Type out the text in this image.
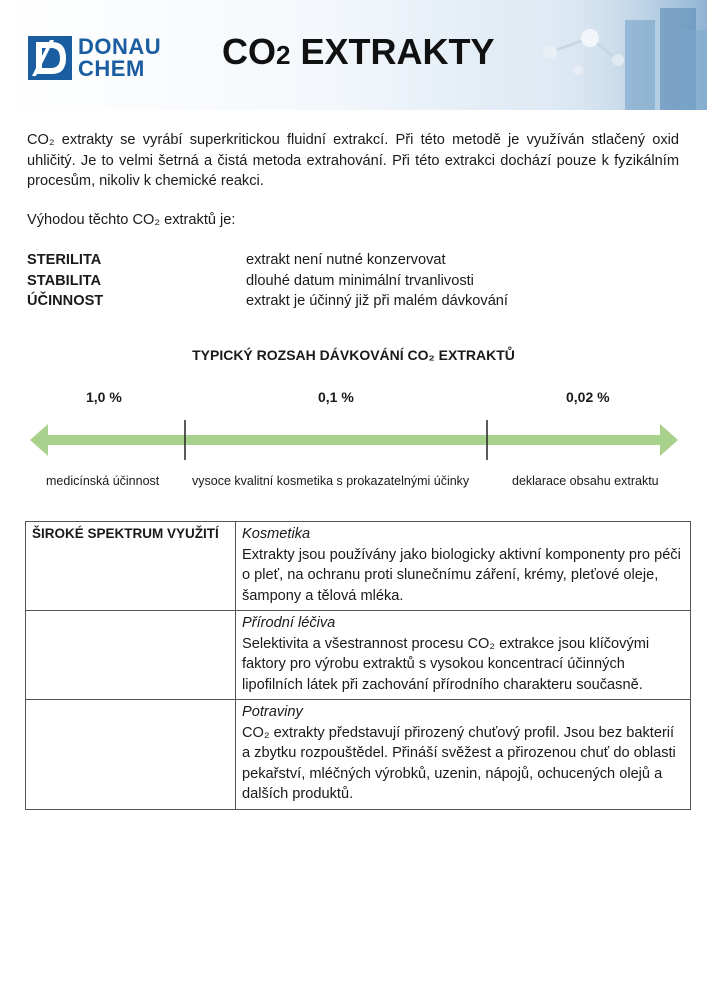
DONAU
CHEM	CO2 EXTRAKTY

CO₂ extrakty se vyrábí superkritickou fluidní extrakcí. Při této metodě je využíván stlačený oxid uhličitý. Je to velmi šetrná a čistá metoda extrahování. Při této extrakci dochází pouze k fyzikálním procesům, nikoliv k chemické reakci.

Výhodou těchto CO₂ extraktů je:

STERILITA	extrakt není nutné konzervovat
STABILITA	dlouhé datum minimální trvanlivosti
ÚČINNOST	extrakt je účinný již při malém dávkování
TYPICKÝ ROZSAH DÁVKOVÁNÍ CO₂ EXTRAKTŮ
1,0 %	0,1 %	0,02 %
medicínská účinnost	vysoce kvalitní kosmetika s prokazatelnými účinky	deklarace obsahu extraktu
ŠIROKÉ SPEKTRUM VYUŽITÍ	Kosmetika
Extrakty jsou používány jako biologicky aktivní komponenty pro péči o pleť, na ochranu proti slunečnímu záření, krémy, pleťové oleje, šampony a tělová mléka.

	Přírodní léčiva
Selektivita a všestrannost procesu CO₂ extrakce jsou klíčovými faktory pro výrobu extraktů s vysokou koncentrací účinných lipofilních látek při zachování přírodního charakteru současně.

	Potraviny
CO₂ extrakty představují přirozený chuťový profil. Jsou bez bakterií a zbytku rozpouštědel. Přináší svěžest a přirozenou chuť do oblasti pekařství, mléčných výrobků, uzenin, nápojů, ochucených olejů a dalších produktů.
